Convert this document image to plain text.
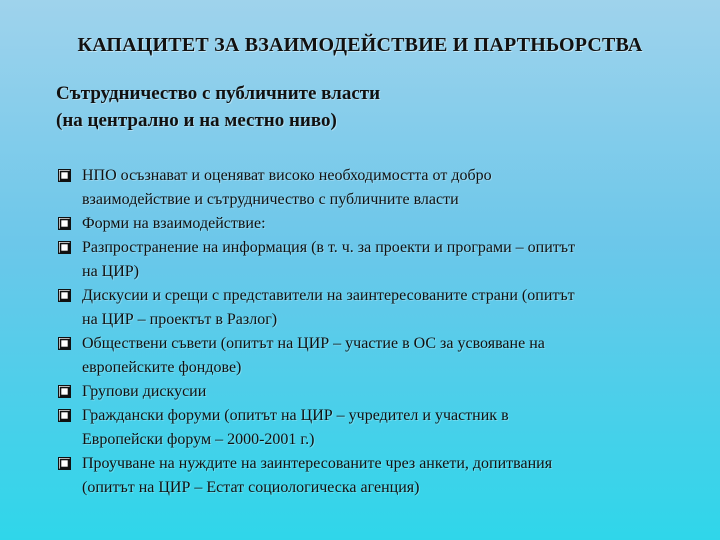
КАПАЦИТЕТ ЗА ВЗАИМОДЕЙСТВИЕ И ПАРТНЬОРСТВА
Сътрудничество с публичните власти
(на централно и на местно ниво)
НПО осъзнават и оценяват високо необходимостта от добро
взаимодействие и сътрудничество с публичните власти
Форми на взаимодействие:
Разпространение на информация (в т. ч. за проекти и програми – опитът
на ЦИР)
Дискусии и срещи с представители на заинтересованите страни (опитът
на ЦИР – проектът в Разлог)
Обществени съвети (опитът на ЦИР – участие в ОС за усвояване на
европейските фондове)
Групови дискусии
Граждански форуми (опитът на ЦИР – учредител и участник в
Европейски форум – 2000-2001 г.)
Проучване на нуждите на заинтересованите чрез анкети, допитвания
(опитът на ЦИР – Естат социологическа агенция)
